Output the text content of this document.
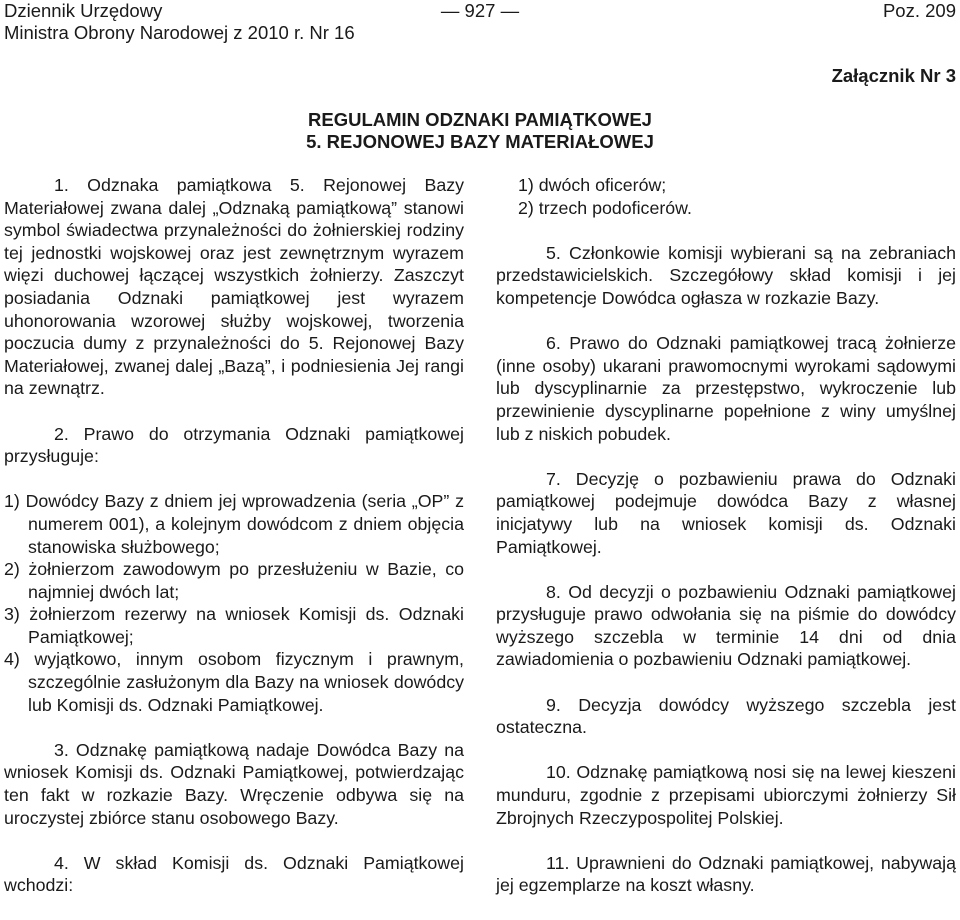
Dziennik Urzędowy
Ministra Obrony Narodowej z 2010 r. Nr 16
— 927 —	Poz. 209
Załącznik Nr 3
REGULAMIN ODZNAKI PAMIĄTKOWEJ
5. REJONOWEJ BAZY MATERIAŁOWEJ

1. Odznaka pamiątkowa 5. Rejonowej Bazy Materiałowej zwana dalej „Odznaką pamiątkową” stanowi symbol świadectwa przynależności do żołnierskiej rodziny tej jednostki wojskowej oraz jest zewnętrznym wyrazem więzi duchowej łączącej wszystkich żołnierzy. Zaszczyt posiadania Odznaki pamiątkowej jest wyrazem uhonorowania wzorowej służby wojskowej, tworzenia poczucia dumy z przynależności do 5. Rejonowej Bazy Materiałowej, zwanej dalej „Bazą”, i podniesienia Jej rangi na zewnątrz.

2. Prawo do otrzymania Odznaki pamiątkowej przysługuje:

1) Dowódcy Bazy z dniem jej wprowadzenia (seria „OP” z numerem 001), a kolejnym dowódcom z dniem objęcia stanowiska służbowego;

2) żołnierzom zawodowym po przesłużeniu w Bazie, co najmniej dwóch lat;

3) żołnierzom rezerwy na wniosek Komisji ds. Odznaki Pamiątkowej;

4) wyjątkowo, innym osobom fizycznym i prawnym, szczególnie zasłużonym dla Bazy na wniosek dowódcy lub Komisji ds. Odznaki Pamiątkowej.

3. Odznakę pamiątkową nadaje Dowódca Bazy na wniosek Komisji ds. Odznaki Pamiątkowej, potwierdzając ten fakt w rozkazie Bazy. Wręczenie odbywa się na uroczystej zbiórce stanu osobowego Bazy.

4. W skład Komisji ds. Odznaki Pamiątkowej wchodzi:

1) dwóch oficerów;

2) trzech podoficerów.

5. Członkowie komisji wybierani są na zebraniach przedstawicielskich. Szczegółowy skład komisji i jej kompetencje Dowódca ogłasza w rozkazie Bazy.

6. Prawo do Odznaki pamiątkowej tracą żołnierze (inne osoby) ukarani prawomocnymi wyrokami sądowymi lub dyscyplinarnie za przestępstwo, wykroczenie lub przewinienie dyscyplinarne popełnione z winy umyślnej lub z niskich pobudek.

7. Decyzję o pozbawieniu prawa do Odznaki pamiątkowej podejmuje dowódca Bazy z własnej inicjatywy lub na wniosek komisji ds. Odznaki Pamiątkowej.

8. Od decyzji o pozbawieniu Odznaki pamiątkowej przysługuje prawo odwołania się na piśmie do dowódcy wyższego szczebla w terminie 14 dni od dnia zawiadomienia o pozbawieniu Odznaki pamiątkowej.

9. Decyzja dowódcy wyższego szczebla jest ostateczna.

10. Odznakę pamiątkową nosi się na lewej kieszeni munduru, zgodnie z przepisami ubiorczymi żołnierzy Sił Zbrojnych Rzeczypospolitej Polskiej.

11. Uprawnieni do Odznaki pamiątkowej, nabywają jej egzemplarze na koszt własny.
